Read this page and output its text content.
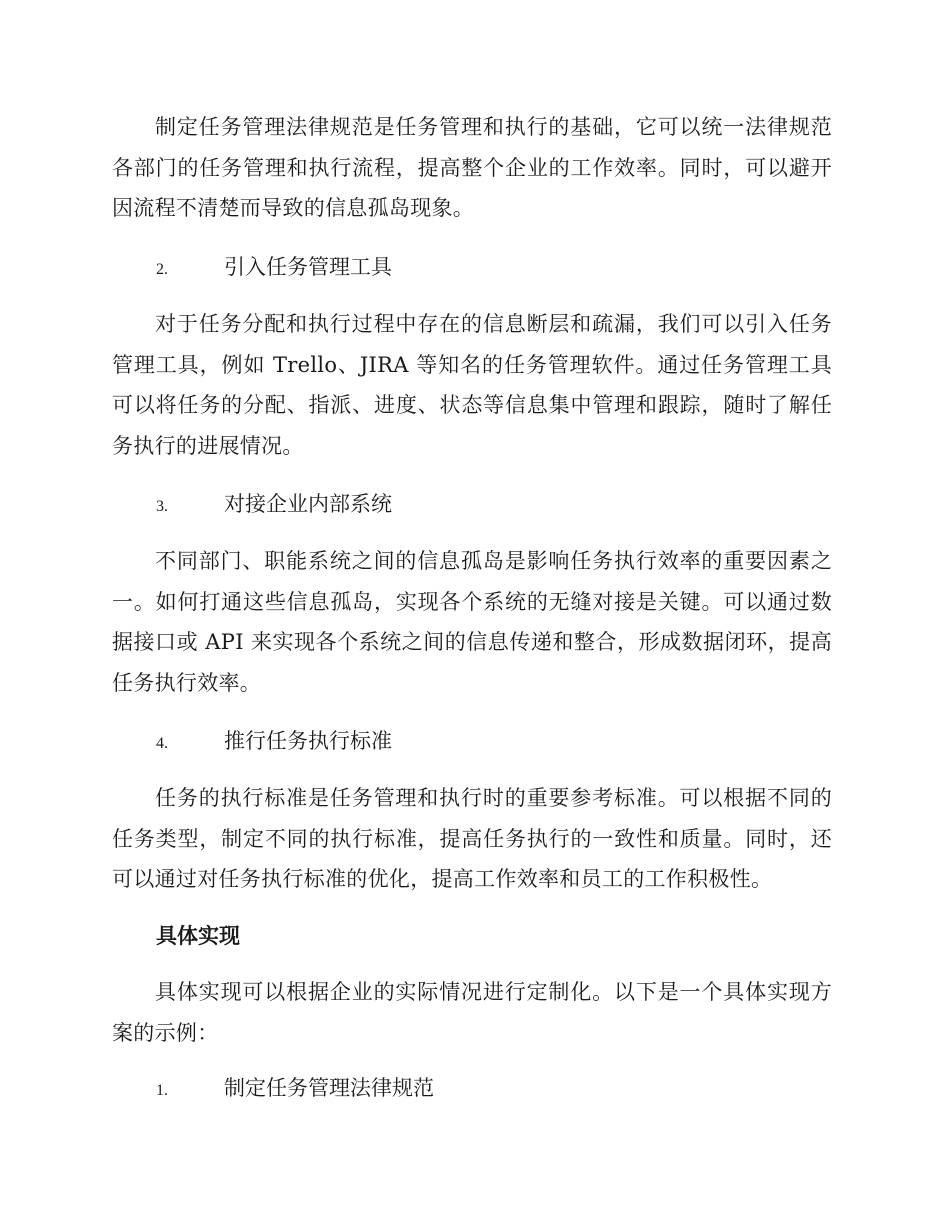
制定任务管理法律规范是任务管理和执行的基础，它可以统一法律规范各部门的任务管理和执行流程，提高整个企业的工作效率。同时，可以避开因流程不清楚而导致的信息孤岛现象。

2.	引入任务管理工具

对于任务分配和执行过程中存在的信息断层和疏漏，我们可以引入任务管理工具，例如 Trello、JIRA 等知名的任务管理软件。通过任务管理工具可以将任务的分配、指派、进度、状态等信息集中管理和跟踪，随时了解任务执行的进展情况。

3.	对接企业内部系统

不同部门、职能系统之间的信息孤岛是影响任务执行效率的重要因素之一。如何打通这些信息孤岛，实现各个系统的无缝对接是关键。可以通过数据接口或 API 来实现各个系统之间的信息传递和整合，形成数据闭环，提高任务执行效率。

4.	推行任务执行标准

任务的执行标准是任务管理和执行时的重要参考标准。可以根据不同的任务类型，制定不同的执行标准，提高任务执行的一致性和质量。同时，还可以通过对任务执行标准的优化，提高工作效率和员工的工作积极性。

具体实现

具体实现可以根据企业的实际情况进行定制化。以下是一个具体实现方案的示例：

1.	制定任务管理法律规范
